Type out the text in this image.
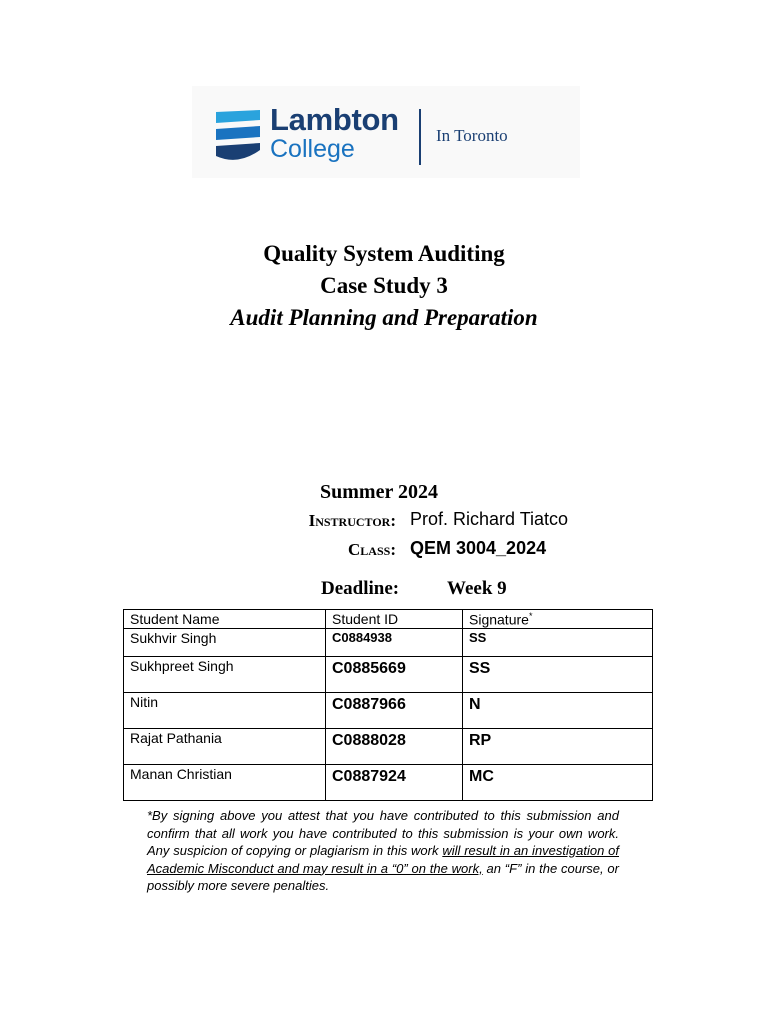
Lambton
College	In Toronto
Quality System Auditing
Case Study 3
Audit Planning and Preparation
Summer 2024
Instructor: Prof. Richard Tiatco
Class: QEM 3004_2024
Deadline:	Week 9
Student Name	Student ID	Signature*
Sukhvir Singh	C0884938	SS
Sukhpreet Singh	C0885669	SS
Nitin	C0887966	N
Rajat Pathania	C0888028	RP
Manan Christian	C0887924	MC
*By signing above you attest that you have contributed to this submission and confirm that all work you have contributed to this submission is your own work. Any suspicion of copying or plagiarism in this work will result in an investigation of Academic Misconduct and may result in a “0” on the work, an “F” in the course, or possibly more severe penalties.
